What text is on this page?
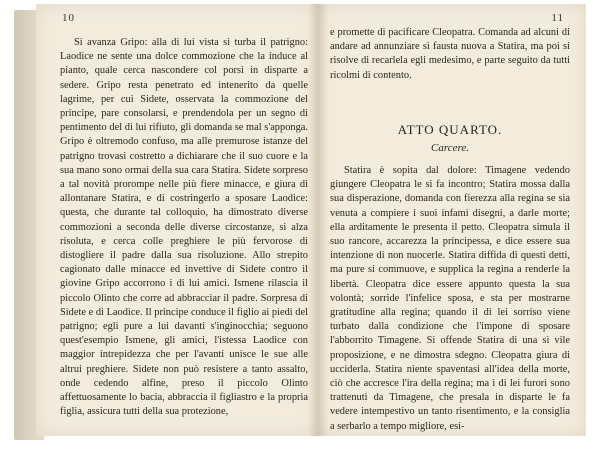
10
Si avanza Gripo: alla di lui vista si turba il patrigno: Laodice ne sente una dolce commozione che la induce al pianto, quale cerca nascondere col porsi in disparte a sedere. Gripo resta penetrato ed intenerito da quelle lagrime, per cui Sidete, osservata la commozione del principe, pare consolarsi, e prendendola per un segno di pentimento del di lui rifiuto, gli domanda se mal s'apponga. Gripo è oltremodo confuso, ma alle premurose istanze del patrigno trovasi costretto a dichiarare che il suo cuore e la sua mano sono ormai della sua cara Statira. Sidete sorpreso a tal novità prorompe nelle più fiere minacce, e giura di allontanare Statira, e di costringerlo a sposare Laodice: questa, che durante tal colloquio, ha dimostrato diverse commozioni a seconda delle diverse circostanze, si alza risoluta, e cerca colle preghiere le più fervorose di distogliere il padre dalla sua risoluzione. Allo strepito cagionato dalle minacce ed invettive di Sidete contro il giovine Gripo accorrono i di lui amici. Ismene rilascia il piccolo Olinto che corre ad abbracciar il padre. Sorpresa di Sidete e di Laodice. Il principe conduce il figlio ai piedi del patrigno; egli pure a lui davanti s'inginocchia; seguono quest'esempio Ismene, gli amici, l'istessa Laodice con maggior intrepidezza che per l'avanti unisce le sue alle altrui preghiere. Sidete non può resistere a tanto assalto, onde cedendo alfine, preso il piccolo Olinto affettuosamente lo bacia, abbraccia il figliastro e la propria figlia, assicura tutti della sua protezione,
11
e promette di pacificare Cleopatra. Comanda ad alcuni di andare ad annunziare sì fausta nuova a Statira, ma poi si risolve di recarlela egli medesimo, e parte seguito da tutti ricolmi di contento.
ATTO QUARTO.
Carcere.
Statira è sopita dal dolore: Timagene vedendo giungere Cleopatra le si fa incontro; Statira mossa dalla sua disperazione, domanda con fierezza alla regina se sia venuta a compiere i suoi infami disegni, a darle morte; ella arditamente le presenta il petto. Cleopatra simula il suo rancore, accarezza la principessa, e dice essere sua intenzione di non nuocerle. Statira diffida di questi detti, ma pure si commuove, e supplica la regina a renderle la libertà. Cleopatra dice essere appunto questa la sua volontà; sorride l'infelice sposa, e sta per mostrarne gratitudine alla regina; quando il di lei sorriso viene turbato dalla condizione che l'impone di sposare l'abborrito Timagene. Si offende Statira di una sì vile proposizione, e ne dimostra sdegno. Cleopatra giura di ucciderla. Statira niente spaventasi all'idea della morte, ciò che accresce l'ira della regina; ma i di lei furori sono trattenuti da Timagene, che presala in disparte le fa vedere intempestivo un tanto risentimento, e la consiglia a serbarlo a tempo migliore, esi-
